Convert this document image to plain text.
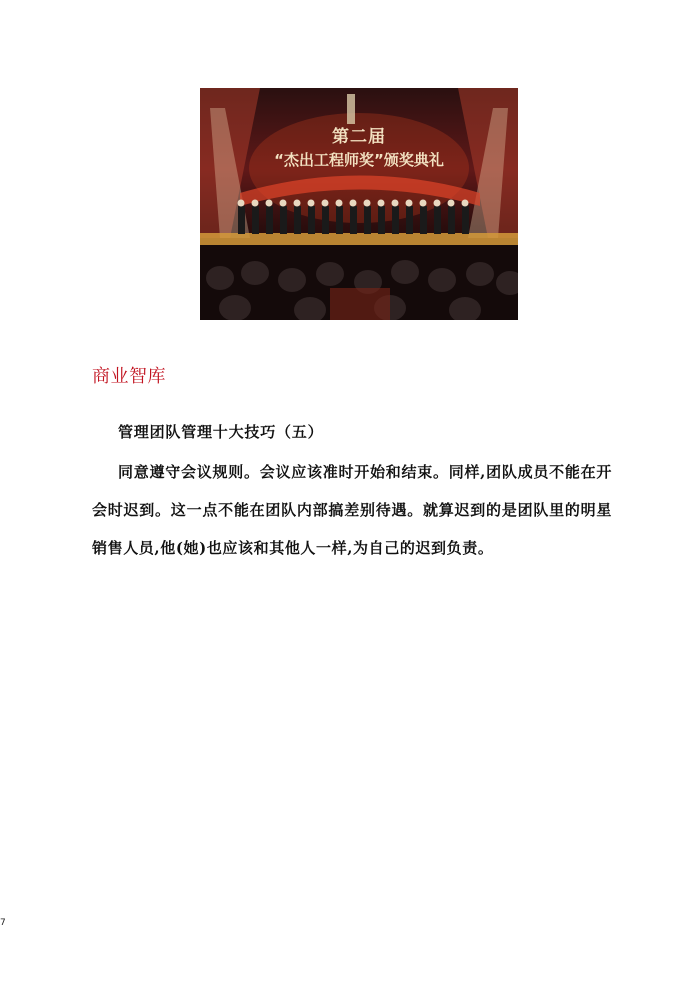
第二届
“杰出工程师奖”颁奖典礼
商业智库
管理团队管理十大技巧（五）

同意遵守会议规则。会议应该准时开始和结束。同样,团队成员不能在开会时迟到。这一点不能在团队内部搞差别待遇。就算迟到的是团队里的明星销售人员,他(她)也应该和其他人一样,为自己的迟到负责。

7
